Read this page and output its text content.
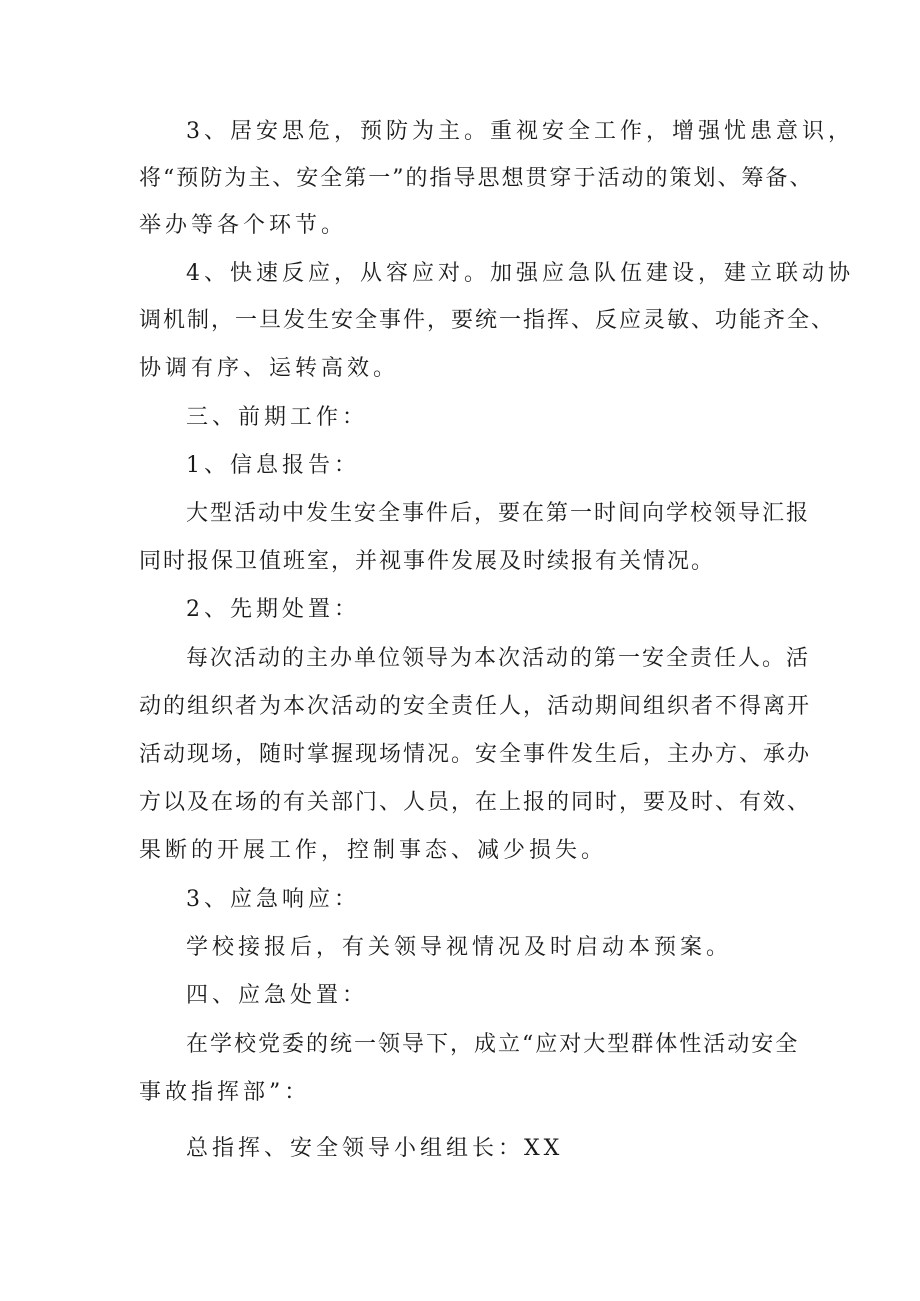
3、居安思危，预防为主。重视安全工作，增强忧患意识，
将“预防为主、安全第一”的指导思想贯穿于活动的策划、筹备、
举办等各个环节。
4、快速反应，从容应对。加强应急队伍建设，建立联动协
调机制，一旦发生安全事件，要统一指挥、反应灵敏、功能齐全、
协调有序、运转高效。
三、前期工作：
1、信息报告：
大型活动中发生安全事件后，要在第一时间向学校领导汇报
同时报保卫值班室，并视事件发展及时续报有关情况。
2、先期处置：
每次活动的主办单位领导为本次活动的第一安全责任人。活
动的组织者为本次活动的安全责任人，活动期间组织者不得离开
活动现场，随时掌握现场情况。安全事件发生后，主办方、承办
方以及在场的有关部门、人员，在上报的同时，要及时、有效、
果断的开展工作，控制事态、减少损失。
3、应急响应：
学校接报后，有关领导视情况及时启动本预案。
四、应急处置：
在学校党委的统一领导下，成立“应对大型群体性活动安全
事故指挥部”：
总指挥、安全领导小组组长：XX
